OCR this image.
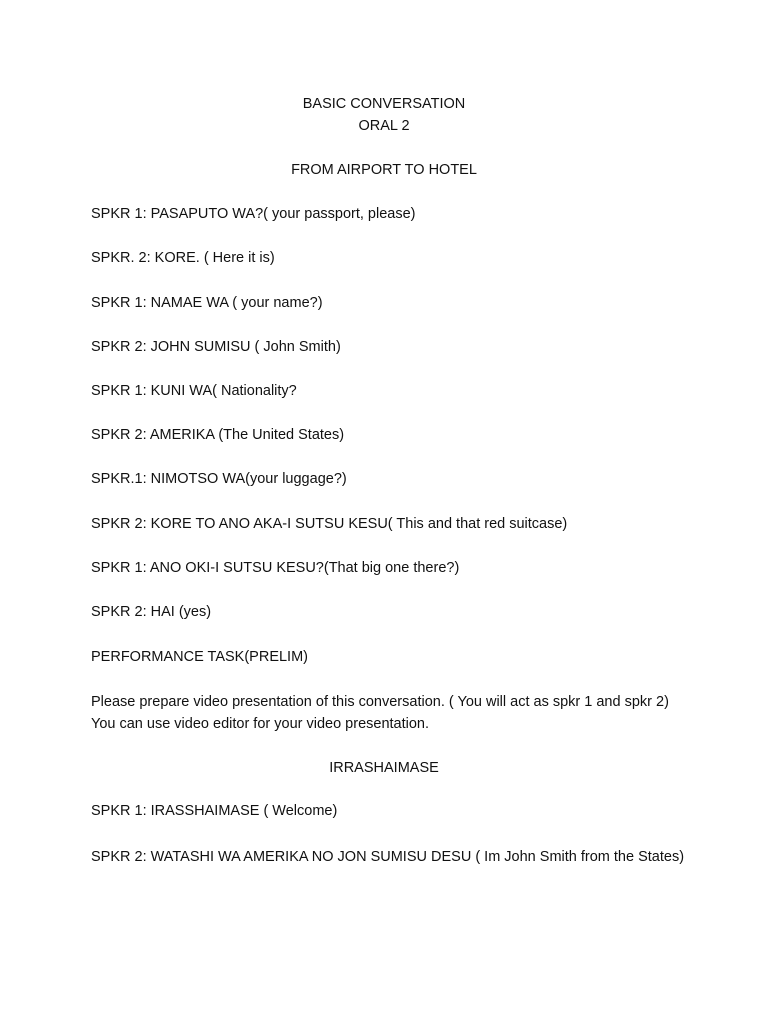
BASIC CONVERSATION
ORAL 2
FROM AIRPORT TO HOTEL
SPKR 1: PASAPUTO WA?( your passport, please)
SPKR. 2: KORE. ( Here it is)
SPKR 1: NAMAE WA ( your name?)
SPKR 2: JOHN SUMISU ( John Smith)
SPKR 1: KUNI WA( Nationality?
SPKR 2: AMERIKA (The United States)
SPKR.1: NIMOTSO WA(your luggage?)
SPKR 2: KORE TO ANO AKA-I SUTSU KESU( This and that red suitcase)
SPKR 1: ANO OKI-I SUTSU KESU?(That big one there?)
SPKR 2: HAI (yes)
PERFORMANCE TASK(PRELIM)
Please prepare video presentation of this conversation. ( You will act as spkr 1 and spkr 2) You can use video editor for your video presentation.
IRRASHAIMASE
SPKR 1: IRASSHAIMASE ( Welcome)
SPKR 2: WATASHI WA AMERIKA NO JON SUMISU DESU ( Im John Smith from the States)
